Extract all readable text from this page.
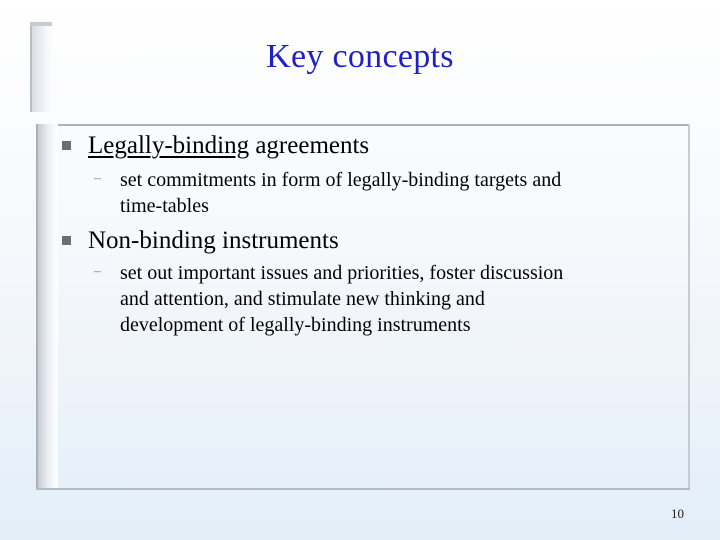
Key concepts
Legally-binding agreements
– set commitments in form of legally-binding targets and
time-tables
Non-binding instruments
– set out important issues and priorities, foster discussion
and attention, and stimulate new thinking and
development of legally-binding instruments
10
